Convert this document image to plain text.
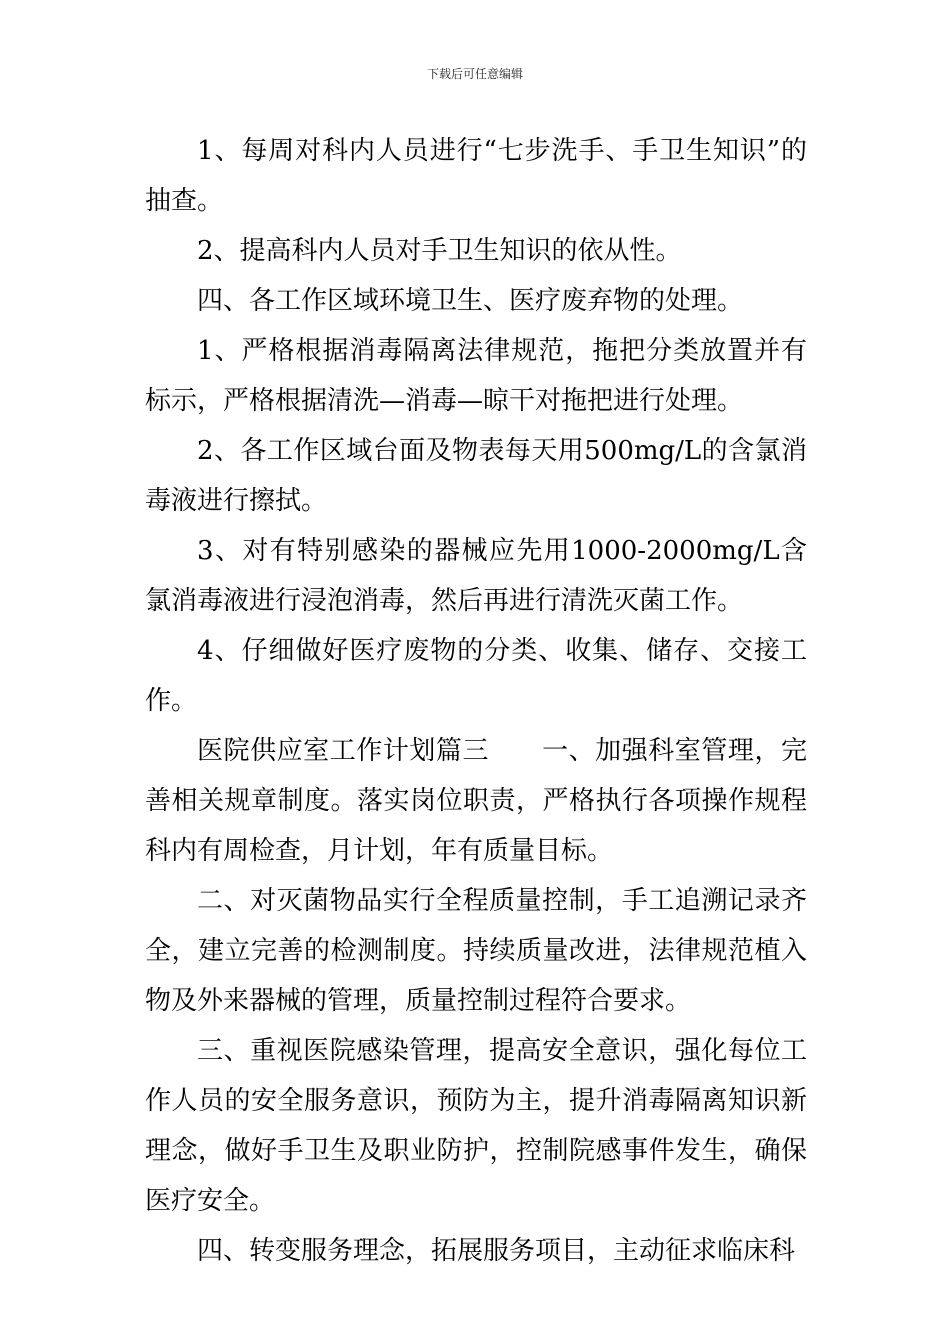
下载后可任意编辑

1、每周对科内人员进行“七步洗手、手卫生知识”的抽查。

2、提高科内人员对手卫生知识的依从性。

四、各工作区域环境卫生、医疗废弃物的处理。

1、严格根据消毒隔离法律规范，拖把分类放置并有标示，严格根据清洗—消毒—晾干对拖把进行处理。

2、各工作区域台面及物表每天用500mg/L的含氯消毒液进行擦拭。

3、对有特别感染的器械应先用1000-2000mg/L含氯消毒液进行浸泡消毒，然后再进行清洗灭菌工作。

4、仔细做好医疗废物的分类、收集、储存、交接工作。

医院供应室工作计划篇三　　一、加强科室管理，完善相关规章制度。落实岗位职责，严格执行各项操作规程科内有周检查，月计划，年有质量目标。

二、对灭菌物品实行全程质量控制，手工追溯记录齐全，建立完善的检测制度。持续质量改进，法律规范植入物及外来器械的管理，质量控制过程符合要求。

三、重视医院感染管理，提高安全意识，强化每位工作人员的安全服务意识，预防为主，提升消毒隔离知识新理念，做好手卫生及职业防护，控制院感事件发生，确保医疗安全。

四、转变服务理念，拓展服务项目，主动征求临床科
